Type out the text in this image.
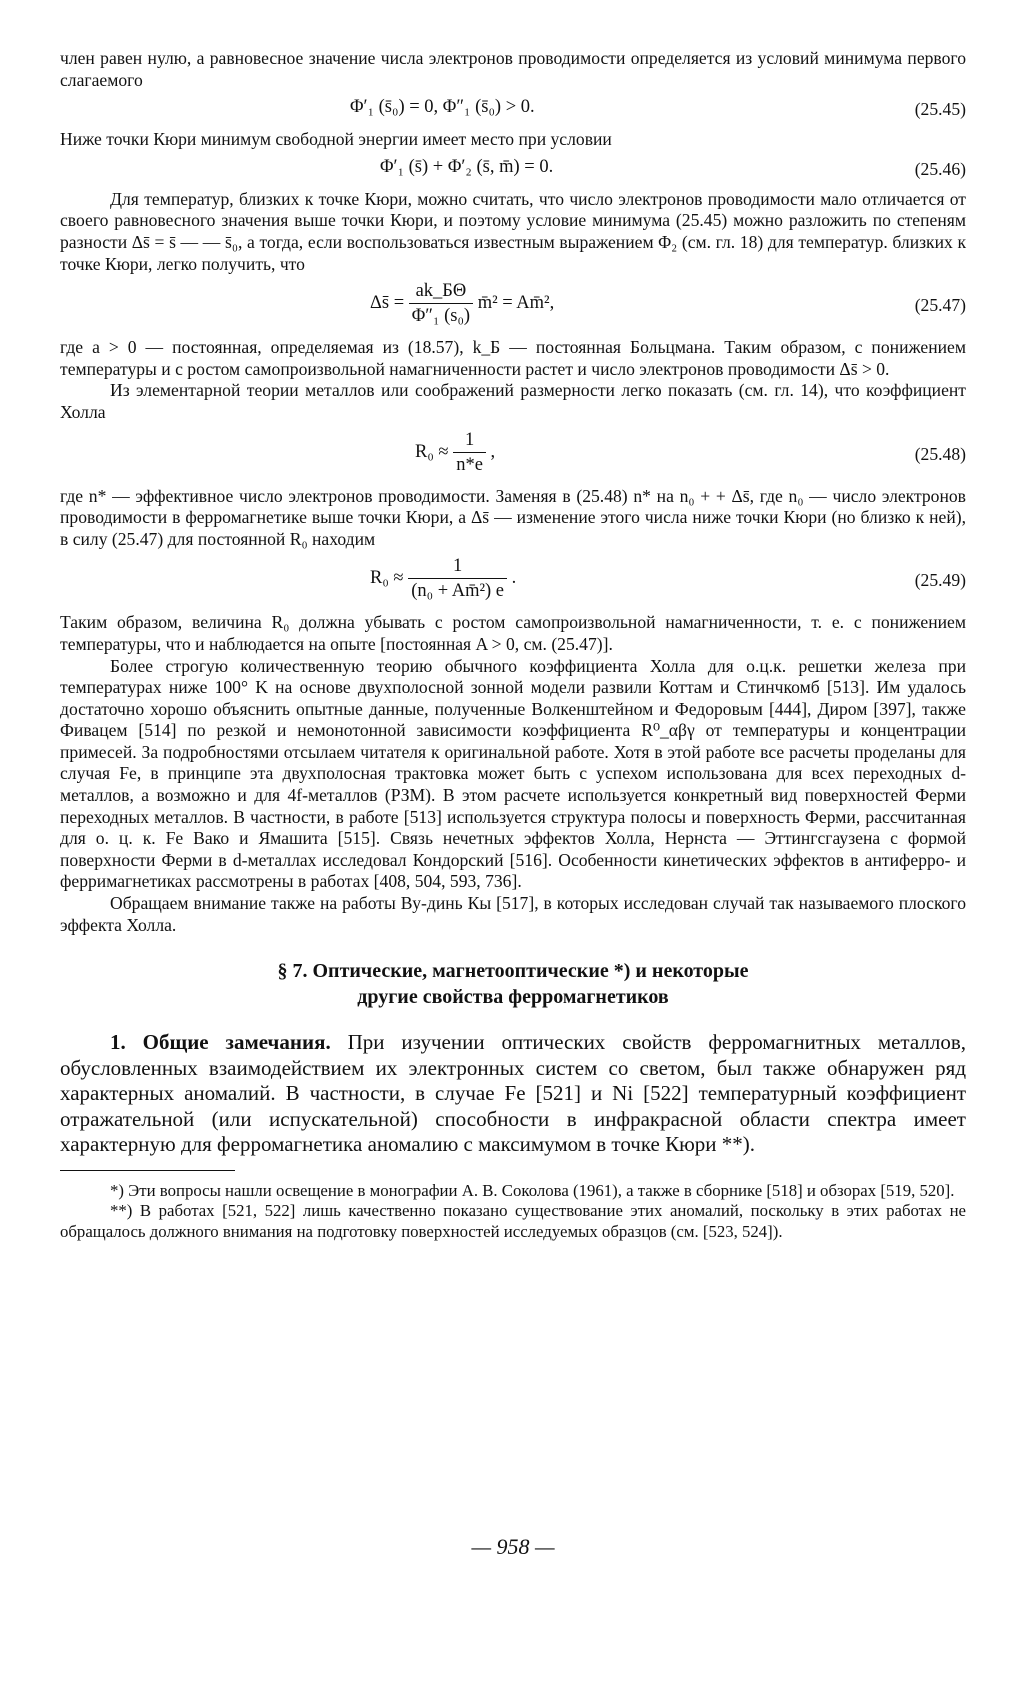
член равен нулю, а равновесное значение числа электронов проводимости определяется из условий минимума первого слагаемого

Φ′₁ (s̄₀) = 0, Φ″₁ (s̄₀) > 0.	(25.45)

Ниже точки Кюри минимум свободной энергии имеет место при условии

Φ′₁ (s̄) + Φ′₂ (s̄, m̄) = 0.	(25.46)

Для температур, близких к точке Кюри, можно считать, что число электронов проводимости мало отличается от своего равновесного значения выше точки Кюри, и поэтому условие минимума (25.45) можно разложить по степеням разности Δs̄ = s̄ — — s̄₀, а тогда, если воспользоваться известным выражением Φ₂ (см. гл. 18) для температур. близких к точке Кюри, легко получить, что

Δs̄ = $\frac{ak\_Б\Theta}{\text{Φ″₁ (s₀)}}$ m̄² = Am̄²,	(25.47)

где a > 0 — постоянная, определяемая из (18.57), k_Б — постоянная Больцмана. Таким образом, с понижением температуры и с ростом самопроизвольной намагниченности растет и число электронов проводимости Δs̄ > 0.

Из элементарной теории металлов или соображений размерности легко показать (см. гл. 14), что коэффициент Холла

$R_0 \approx \frac{1}{n*e}$ ,	(25.48)

где n* — эффективное число электронов проводимости. Заменяя в (25.48) n* на n₀ + + Δs̄, где n₀ — число электронов проводимости в ферромагнетике выше точки Кюри, а Δs̄ — изменение этого числа ниже точки Кюри (но близко к ней), в силу (25.47) для постоянной R₀ находим

$R_0 \approx \frac{1}{\text{(n₀ + Am̄²) e}}$ .	(25.49)

Таким образом, величина R₀ должна убывать с ростом самопроизвольной намагниченности, т. е. с понижением температуры, что и наблюдается на опыте [постоянная A > 0, см. (25.47)].

Более строгую количественную теорию обычного коэффициента Холла для о.ц.к. решетки железа при температурах ниже 100° K на основе двухполосной зонной модели развили Коттам и Стинчкомб [513]. Им удалось достаточно хорошо объяснить опытные данные, полученные Волкенштейном и Федоровым [444], Диром [397], также Фивацем [514] по резкой и немонотонной зависимости коэффициента R⁰_αβγ от температуры и концентрации примесей. За подробностями отсылаем читателя к оригинальной работе. Хотя в этой работе все расчеты проделаны для случая Fe, в принципе эта двухполосная трактовка может быть с успехом использована для всех переходных d-металлов, а возможно и для 4f-металлов (РЗМ). В этом расчете используется конкретный вид поверхностей Ферми переходных металлов. В частности, в работе [513] используется структура полосы и поверхность Ферми, рассчитанная для о. ц. к. Fe Вако и Ямашита [515]. Связь нечетных эффектов Холла, Нернста — Эттингсгаузена с формой поверхности Ферми в d-металлах исследовал Кондорский [516]. Особенности кинетических эффектов в антиферро- и ферримагнетиках рассмотрены в работах [408, 504, 593, 736].

Обращаем внимание также на работы Ву-динь Кы [517], в которых исследован случай так называемого плоского эффекта Холла.

§ 7. Оптические, магнетооптические *) и некоторые
другие свойства ферромагнетиков

1. Общие замечания. При изучении оптических свойств ферромагнитных металлов, обусловленных взаимодействием их электронных систем со светом, был также обнаружен ряд характерных аномалий. В частности, в случае Fe [521] и Ni [522] температурный коэффициент отражательной (или испускательной) способности в инфракрасной области спектра имеет характерную для ферромагнетика аномалию с максимумом в точке Кюри **).

*) Эти вопросы нашли освещение в монографии А. В. Соколова (1961), а также в сборнике [518] и обзорах [519, 520].

**) В работах [521, 522] лишь качественно показано существование этих аномалий, поскольку в этих работах не обращалось должного внимания на подготовку поверхностей исследуемых образцов (см. [523, 524]).

— 958 —
